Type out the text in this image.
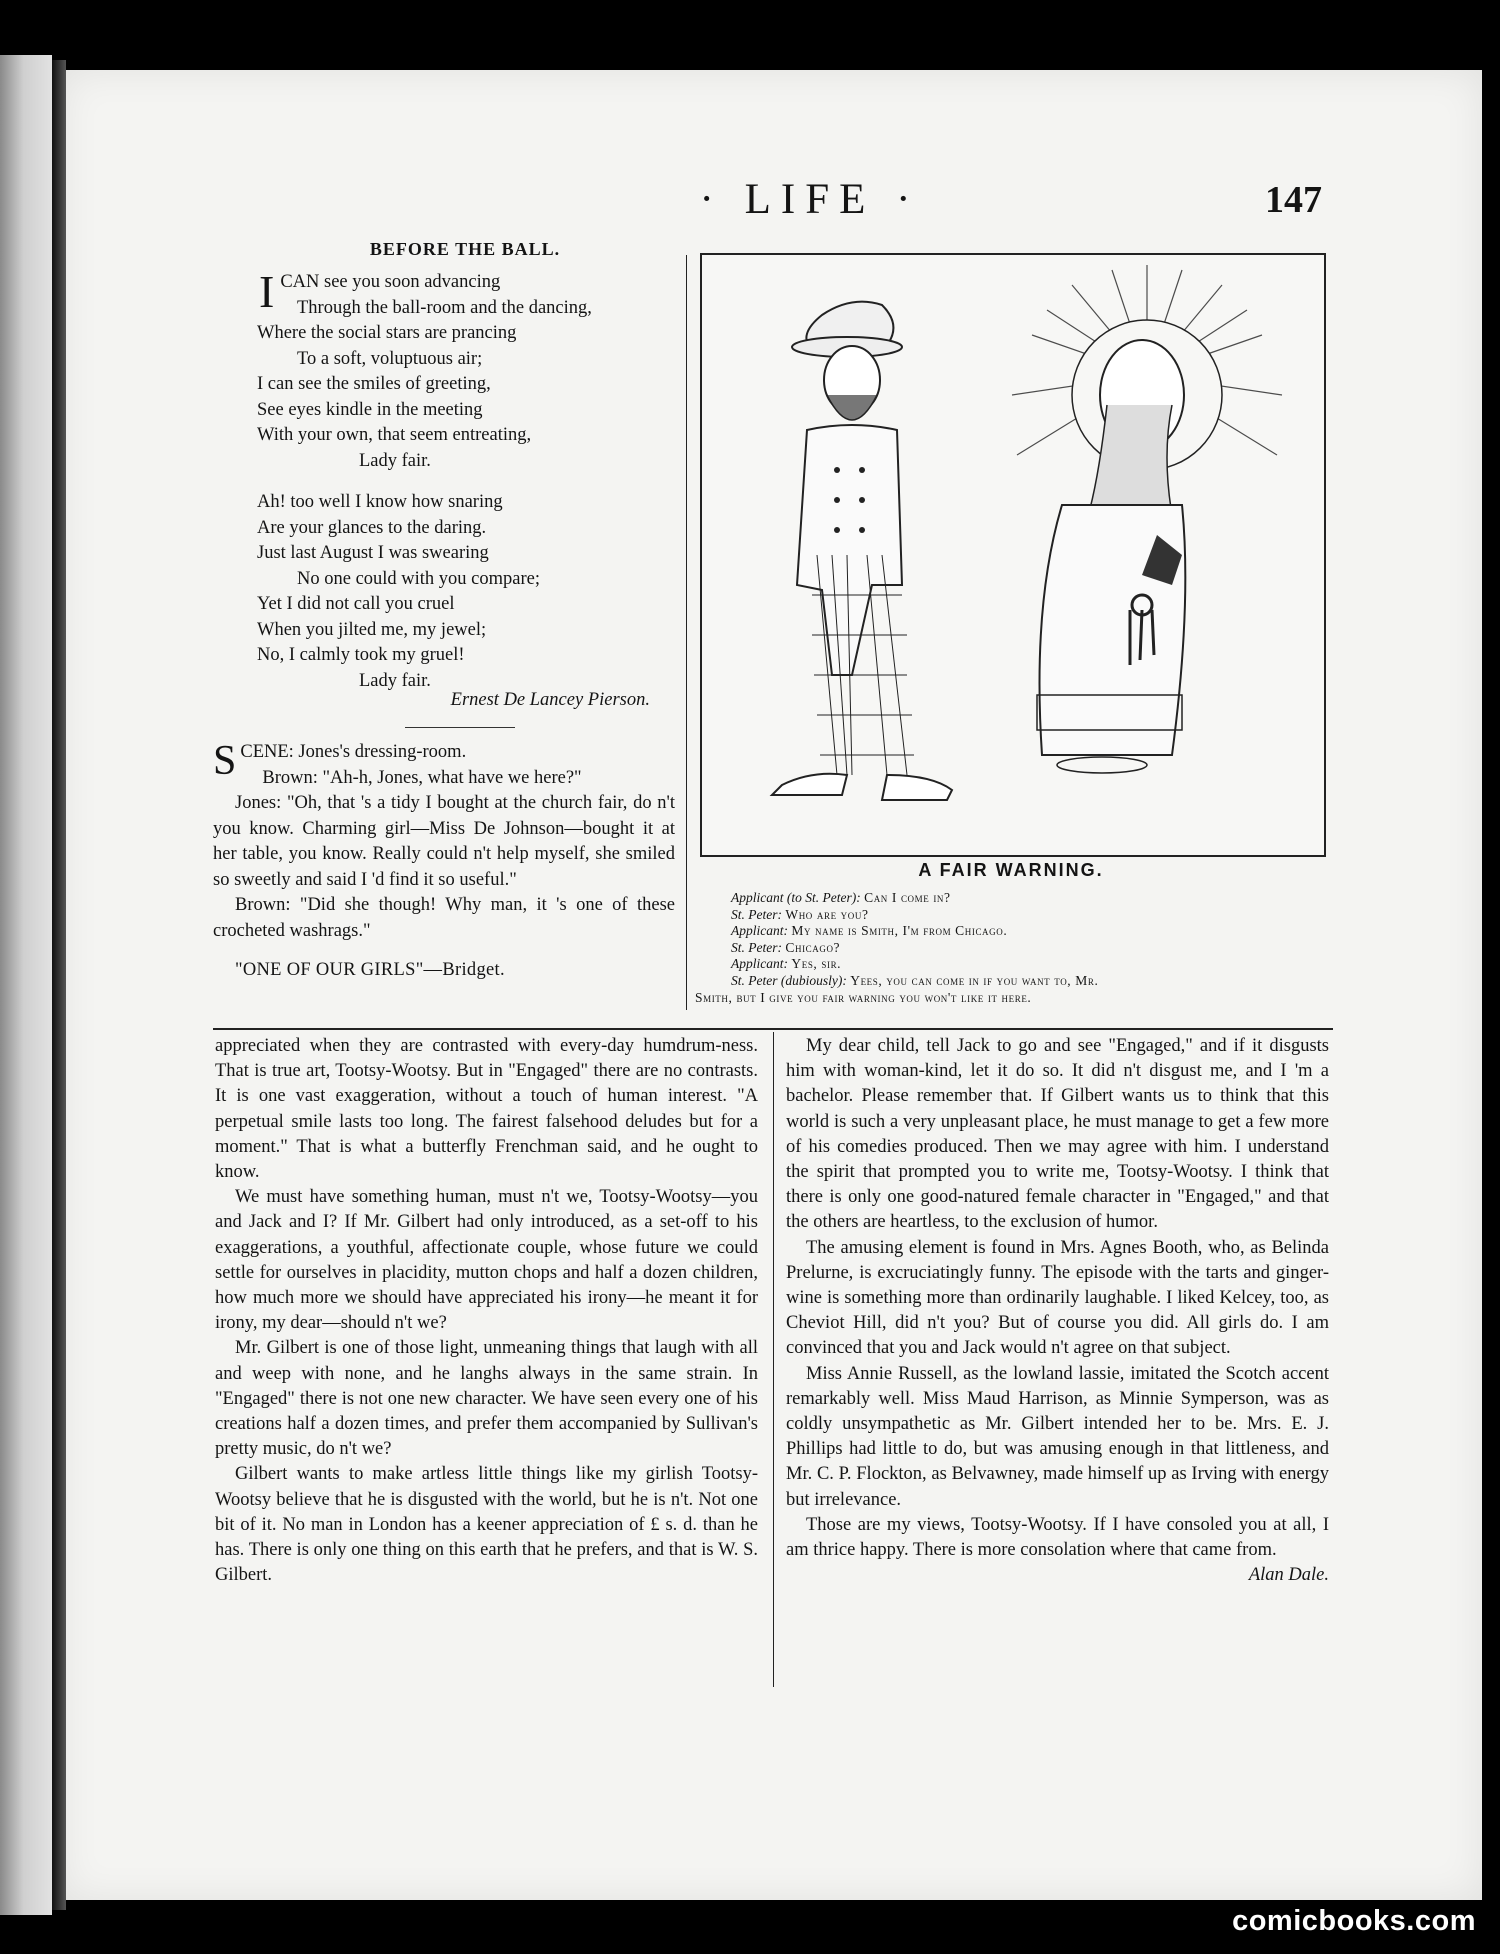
· LIFE ·	147
BEFORE THE BALL.
I CAN see you soon advancing
Through the ball-room and the dancing,
Where the social stars are prancing
To a soft, voluptuous air;
I can see the smiles of greeting,
See eyes kindle in the meeting
With your own, that seem entreating,
Lady fair.
Ah! too well I know how snaring
Are your glances to the daring.
Just last August I was swearing
No one could with you compare;
Yet I did not call you cruel
When you jilted me, my jewel;
No, I calmly took my gruel!
Lady fair.
Ernest De Lancey Pierson.

SCENE: Jones's dressing-room.

Brown: "Ah-h, Jones, what have we here?"

Jones: "Oh, that 's a tidy I bought at the church fair, do n't you know. Charming girl—Miss De Johnson—bought it at her table, you know. Really could n't help myself, she smiled so sweetly and said I 'd find it so useful."

Brown: "Did she though! Why man, it 's one of these crocheted washrags."

"ONE OF OUR GIRLS"—Bridget.

A FAIR WARNING.
Applicant (to St. Peter): Can I come in?
St. Peter: Who are you?
Applicant: My name is Smith, I'm from Chicago.
St. Peter: Chicago?
Applicant: Yes, sir.
St. Peter (dubiously): Yees, you can come in if you want to, Mr.
Smith, but I give you fair warning you won't like it here.

appreciated when they are contrasted with every-day humdrum-ness. That is true art, Tootsy-Wootsy. But in "Engaged" there are no contrasts. It is one vast exaggeration, without a touch of human interest. "A perpetual smile lasts too long. The fairest falsehood deludes but for a moment." That is what a butterfly Frenchman said, and he ought to know.

We must have something human, must n't we, Tootsy-Wootsy—you and Jack and I? If Mr. Gilbert had only introduced, as a set-off to his exaggerations, a youthful, affectionate couple, whose future we could settle for ourselves in placidity, mutton chops and half a dozen children, how much more we should have appreciated his irony—he meant it for irony, my dear—should n't we?

Mr. Gilbert is one of those light, unmeaning things that laugh with all and weep with none, and he langhs always in the same strain. In "Engaged" there is not one new character. We have seen every one of his creations half a dozen times, and prefer them accompanied by Sullivan's pretty music, do n't we?

Gilbert wants to make artless little things like my girlish Tootsy-Wootsy believe that he is disgusted with the world, but he is n't. Not one bit of it. No man in London has a keener appreciation of £ s. d. than he has. There is only one thing on this earth that he prefers, and that is W. S. Gilbert.

My dear child, tell Jack to go and see "Engaged," and if it disgusts him with woman-kind, let it do so. It did n't disgust me, and I 'm a bachelor. Please remember that. If Gilbert wants us to think that this world is such a very unpleasant place, he must manage to get a few more of his comedies produced. Then we may agree with him. I understand the spirit that prompted you to write me, Tootsy-Wootsy. I think that there is only one good-natured female character in "Engaged," and that the others are heartless, to the exclusion of humor.

The amusing element is found in Mrs. Agnes Booth, who, as Belinda Prelurne, is excruciatingly funny. The episode with the tarts and ginger-wine is something more than ordinarily laughable. I liked Kelcey, too, as Cheviot Hill, did n't you? But of course you did. All girls do. I am convinced that you and Jack would n't agree on that subject.

Miss Annie Russell, as the lowland lassie, imitated the Scotch accent remarkably well. Miss Maud Harrison, as Minnie Symperson, was as coldly unsympathetic as Mr. Gilbert intended her to be. Mrs. E. J. Phillips had little to do, but was amusing enough in that littleness, and Mr. C. P. Flockton, as Belvawney, made himself up as Irving with energy but irrelevance.

Those are my views, Tootsy-Wootsy. If I have consoled you at all, I am thrice happy. There is more consolation where that came from.
Alan Dale.

comicbooks.com
